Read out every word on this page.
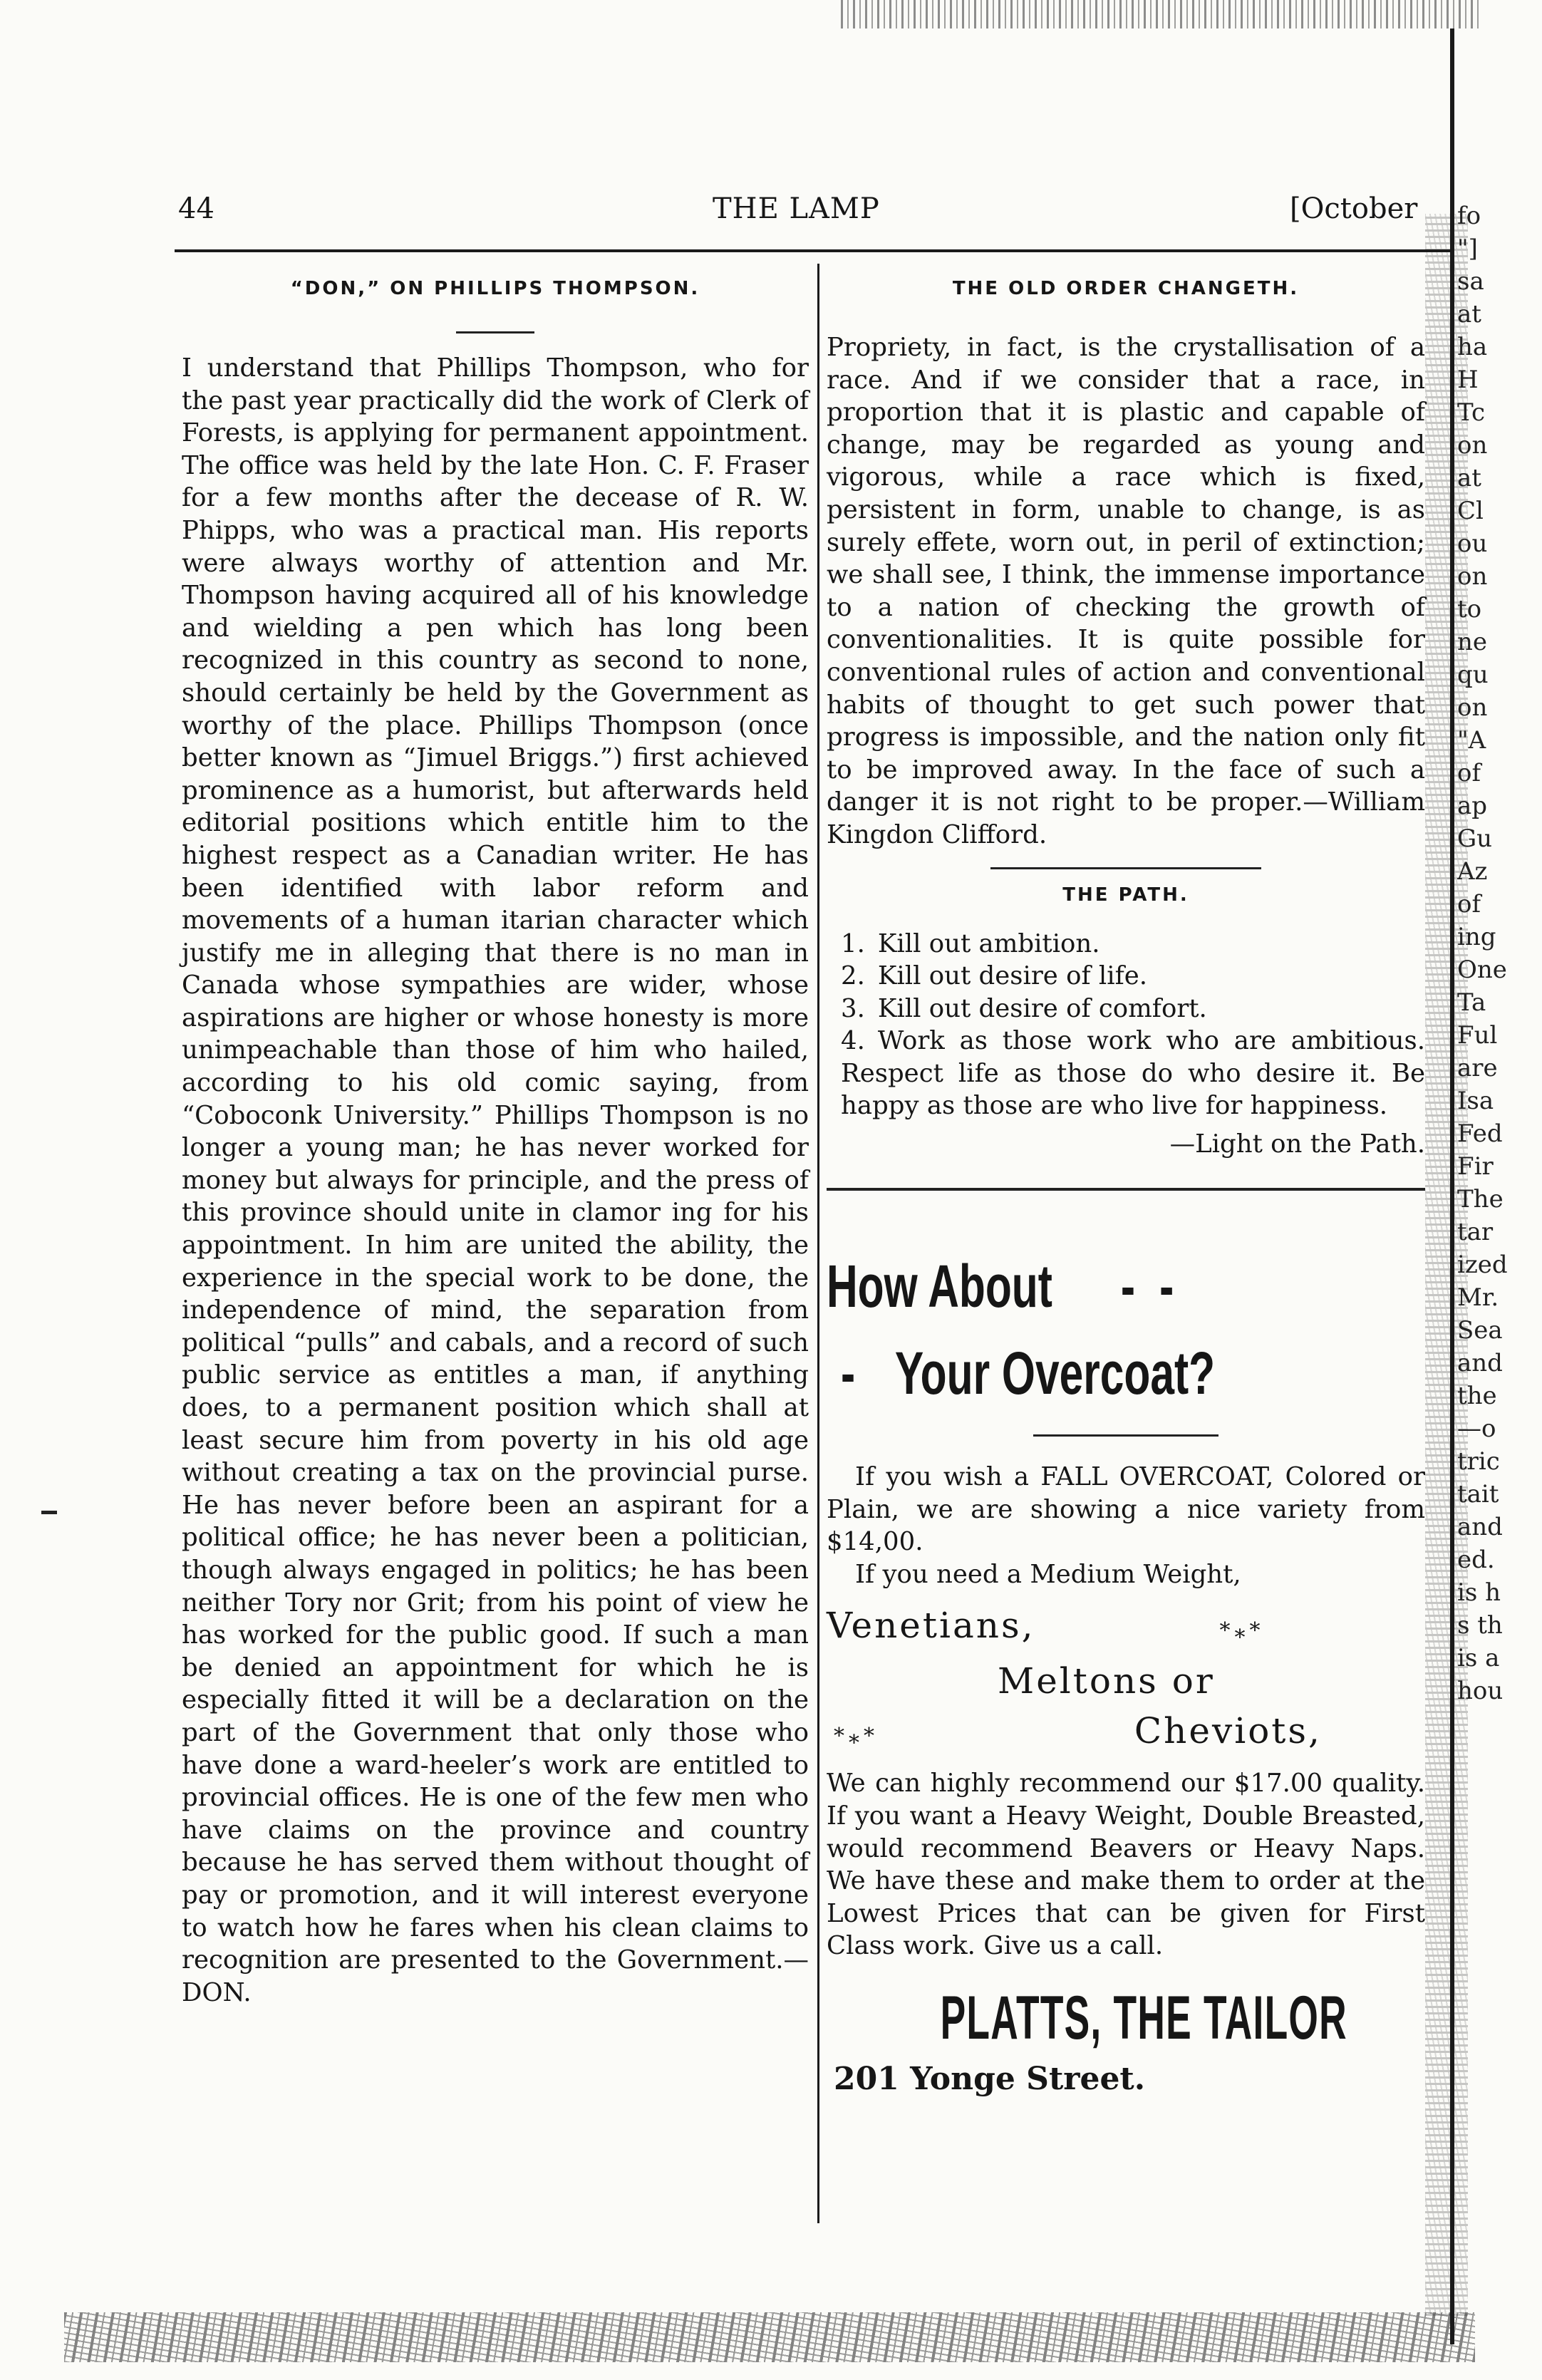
fo
"]
sa
at
ha
H
Tc
on
at
Cl
ou
on
to
ne
qu
on
"A
of
ap
Gu
Az
of
ing
One
Ta
Ful
are
Isa
Fed
Fir
The
tar
ized
Mr.
Sea
and
the
—o
tric
tait
and
ed.
is h
s th
is a
hou
44	THE LAMP	[October

“DON,” ON PHILLIPS THOMPSON.

I understand that Phillips Thompson, who for the past year practically did the work of Clerk of Forests, is applying for permanent appointment. The office was held by the late Hon. C. F. Fraser for a few months after the decease of R. W. Phipps, who was a practical man. His reports were always worthy of attention and Mr. Thompson having acquired all of his knowledge and wielding a pen which has long been recognized in this country as second to none, should certainly be held by the Government as worthy of the place. Phillips Thompson (once better known as “Jimuel Briggs.”) first achieved prominence as a humorist, but afterwards held editorial positions which entitle him to the highest respect as a Canadian writer. He has been identified with labor reform and movements of a human itarian character which justify me in alleging that there is no man in Canada whose sympathies are wider, whose aspirations are higher or whose honesty is more unimpeachable than those of him who hailed, according to his old comic saying, from “Coboconk University.” Phillips Thompson is no longer a young man; he has never worked for money but always for principle, and the press of this province should unite in clamor ing for his appointment. In him are united the ability, the experience in the special work to be done, the independence of mind, the separation from political “pulls” and cabals, and a record of such public service as entitles a man, if anything does, to a permanent position which shall at least secure him from poverty in his old age without creating a tax on the provincial purse. He has never before been an aspirant for a political office; he has never been a politician, though always engaged in politics; he has been neither Tory nor Grit; from his point of view he has worked for the public good. If such a man be denied an appointment for which he is especially fitted it will be a declaration on the part of the Government that only those who have done a ward-heeler’s work are entitled to provincial offices. He is one of the few men who have claims on the province and country because he has served them without thought of pay or promotion, and it will interest everyone to watch how he fares when his clean claims to recognition are presented to the Government.—DON.

THE OLD ORDER CHANGETH.

Propriety, in fact, is the crystallisation of a race. And if we consider that a race, in proportion that it is plastic and capable of change, may be regarded as young and vigorous, while a race which is fixed, persistent in form, unable to change, is as surely effete, worn out, in peril of extinction; we shall see, I think, the immense importance to a nation of checking the growth of conventionalities. It is quite possible for conventional rules of action and conventional habits of thought to get such power that progress is impossible, and the nation only fit to be improved away. In the face of such a danger it is not right to be proper.—William Kingdon Clifford.

THE PATH.

1. Kill out ambition.
2. Kill out desire of life.
3. Kill out desire of comfort.
4. Work as those work who are ambitious. Respect life as those do who desire it. Be happy as those are who live for happiness.

—Light on the Path.

How About - -

- Your Overcoat?

If you wish a FALL OVERCOAT, Colored or Plain, we are showing a nice variety from $14,00.

If you need a Medium Weight,

Venetians,	*⁎*

Meltons or

*⁎*	Cheviots,

We can highly recommend our $17.00 quality. If you want a Heavy Weight, Double Breasted, would recommend Beavers or Heavy Naps. We have these and make them to order at the Lowest Prices that can be given for First Class work. Give us a call.

PLATTS, THE TAILOR

201 Yonge Street.
